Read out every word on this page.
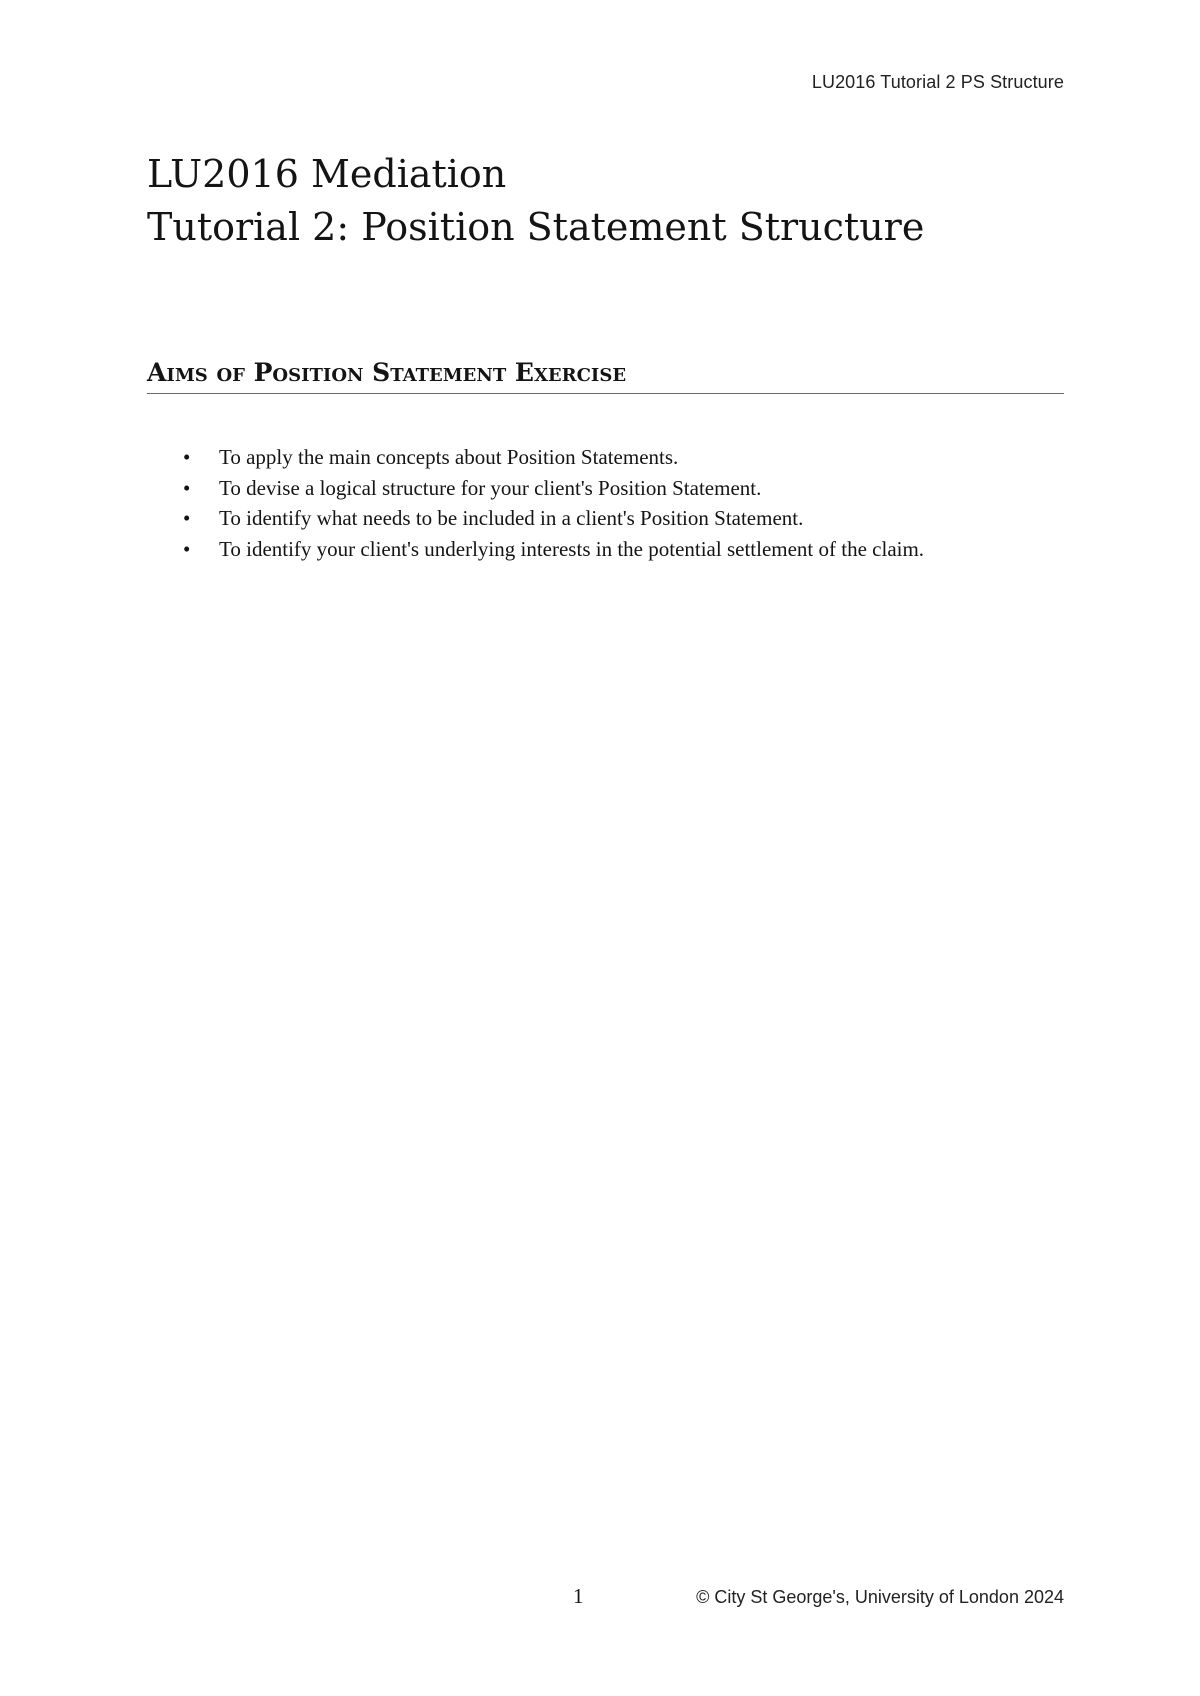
LU2016 Tutorial 2 PS Structure
LU2016 Mediation
Tutorial 2: Position Statement Structure
Aims of Position Statement Exercise
• To apply the main concepts about Position Statements.
• To devise a logical structure for your client's Position Statement.
• To identify what needs to be included in a client's Position Statement.
• To identify your client's underlying interests in the potential settlement of the claim.
1	© City St George's, University of London 2024
